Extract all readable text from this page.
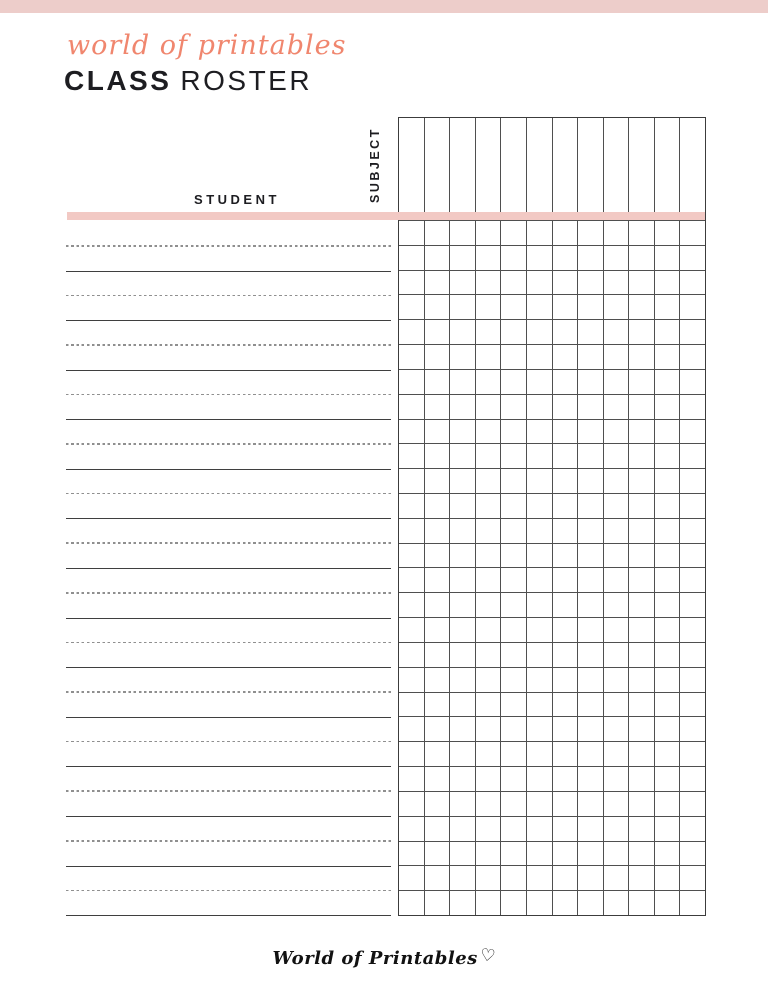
world of printables
CLASS ROSTER
STUDENT	SUBJECT
World of Printables♡
